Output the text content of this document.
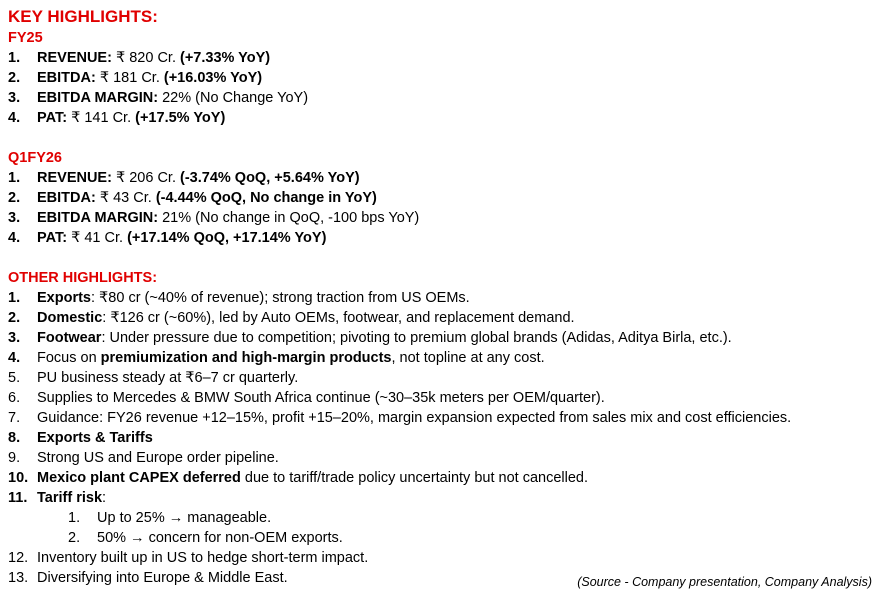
KEY HIGHLIGHTS:
FY25
1. REVENUE: ₹ 820 Cr. (+7.33% YoY)
2. EBITDA: ₹ 181 Cr. (+16.03% YoY)
3. EBITDA MARGIN: 22% (No Change YoY)
4. PAT: ₹ 141 Cr. (+17.5% YoY)
Q1FY26
1. REVENUE: ₹ 206 Cr. (-3.74% QoQ, +5.64% YoY)
2. EBITDA: ₹ 43 Cr. (-4.44% QoQ, No change in YoY)
3. EBITDA MARGIN: 21% (No change in QoQ, -100 bps YoY)
4. PAT: ₹ 41 Cr. (+17.14% QoQ, +17.14% YoY)
OTHER HIGHLIGHTS:
1. Exports: ₹80 cr (~40% of revenue); strong traction from US OEMs.
2. Domestic: ₹126 cr (~60%), led by Auto OEMs, footwear, and replacement demand.
3. Footwear: Under pressure due to competition; pivoting to premium global brands (Adidas, Aditya Birla, etc.).
4. Focus on premiumization and high-margin products, not topline at any cost.
5. PU business steady at ₹6–7 cr quarterly.
6. Supplies to Mercedes & BMW South Africa continue (~30–35k meters per OEM/quarter).
7. Guidance: FY26 revenue +12–15%, profit +15–20%, margin expansion expected from sales mix and cost efficiencies.
8. Exports & Tariffs
9. Strong US and Europe order pipeline.
10. Mexico plant CAPEX deferred due to tariff/trade policy uncertainty but not cancelled.
11. Tariff risk:
1. Up to 25% → manageable.
2. 50% → concern for non-OEM exports.
12. Inventory built up in US to hedge short-term impact.
13. Diversifying into Europe & Middle East.	(Source - Company presentation, Company Analysis)
